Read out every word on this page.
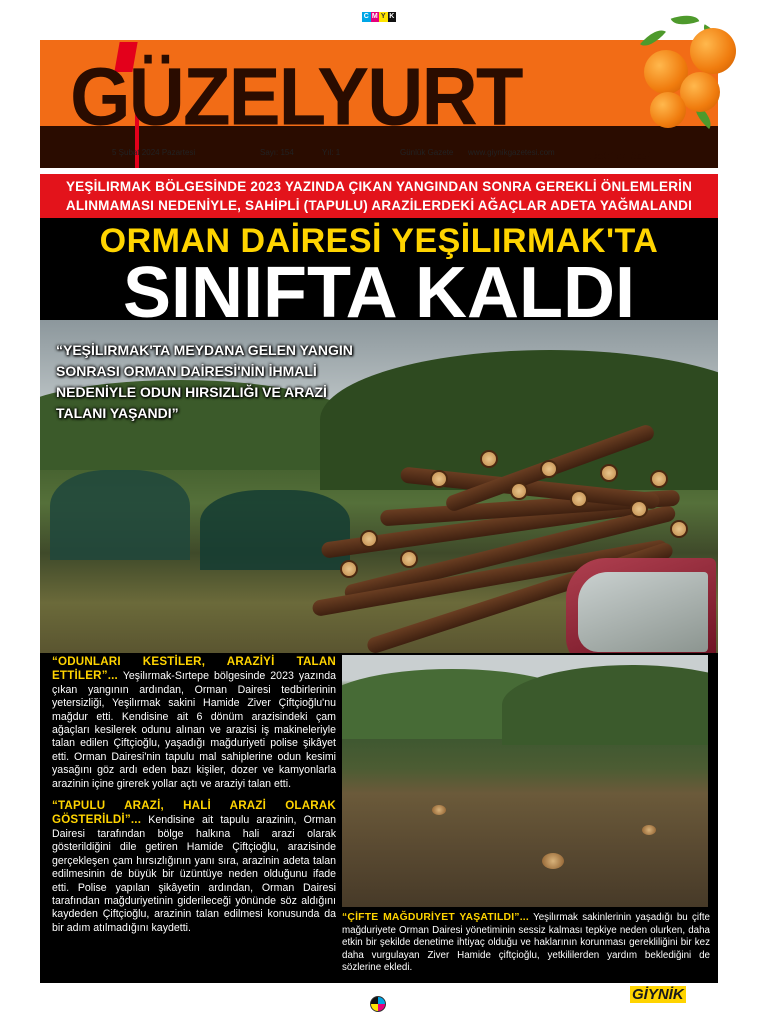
C M Y K
GÜZELYURT
5 Şubat 2024 Pazartesi	Sayı: 154	Yıl: 1	Günlük Gazete www.giynikgazetesi.com	Batı'nın Sesi
YEŞİLIRMAK BÖLGESİNDE 2023 YAZINDA ÇIKAN YANGINDAN SONRA GEREKLİ ÖNLEMLERİN
ALINMAMASI NEDENİYLE, SAHİPLİ (TAPULU) ARAZİLERDEKİ AĞAÇLAR ADETA YAĞMALANDI
ORMAN DAİRESİ YEŞİLIRMAK'TA
SINIFTA KALDI
“YEŞİLIRMAK'TA MEYDANA GELEN YANGIN SONRASI ORMAN DAİRESİ'NİN İHMALİ NEDENİYLE ODUN HIRSIZLIĞI VE ARAZİ TALANI YAŞANDI”

“ODUNLARI KESTİLER, ARAZİYİ TALAN ETTİLER”... Yeşilırmak-Sırtepe bölgesinde 2023 yazında çıkan yangının ardından, Orman Dairesi tedbirlerinin yetersizliği, Yeşilırmak sakini Hamide Ziver Çiftçioğlu'nu mağdur etti. Kendisine ait 6 dönüm arazisindeki çam ağaçları kesilerek odunu alınan ve arazisi iş makineleriyle talan edilen Çiftçioğlu, yaşadığı mağduriyeti polise şikâyet etti. Orman Dairesi'nin tapulu mal sahiplerine odun kesimi yasağını göz ardı eden bazı kişiler, dozer ve kamyonlarla arazinin içine girerek yollar açtı ve araziyi talan etti.

“TAPULU ARAZİ, HALİ ARAZİ OLARAK GÖSTERİLDİ”... Kendisine ait tapulu arazinin, Orman Dairesi tarafından bölge halkına hali arazi olarak gösterildiğini dile getiren Hamide Çiftçioğlu, arazisinde gerçekleşen çam hırsızlığının yanı sıra, arazinin adeta talan edilmesinin de büyük bir üzüntüye neden olduğunu ifade etti. Polise yapılan şikâyetin ardından, Orman Dairesi tarafından mağduriyetinin giderileceği yönünde söz aldığını kaydeden Çiftçioğlu, arazinin talan edilmesi konusunda da bir adım atılmadığını kaydetti.

“ÇİFTE MAĞDURİYET YAŞATILDI”... Yeşilırmak sakinlerinin yaşadığı bu çifte mağduriyete Orman Dairesi yönetiminin sessiz kalması tepkiye neden olurken, daha etkin bir şekilde denetime ihtiyaç olduğu ve haklarının korunması gerekliliğini bir kez daha vurgulayan Ziver Hamide çiftçioğlu, yetkililerden yardım beklediğini de sözlerine ekledi.
GİYNİK
